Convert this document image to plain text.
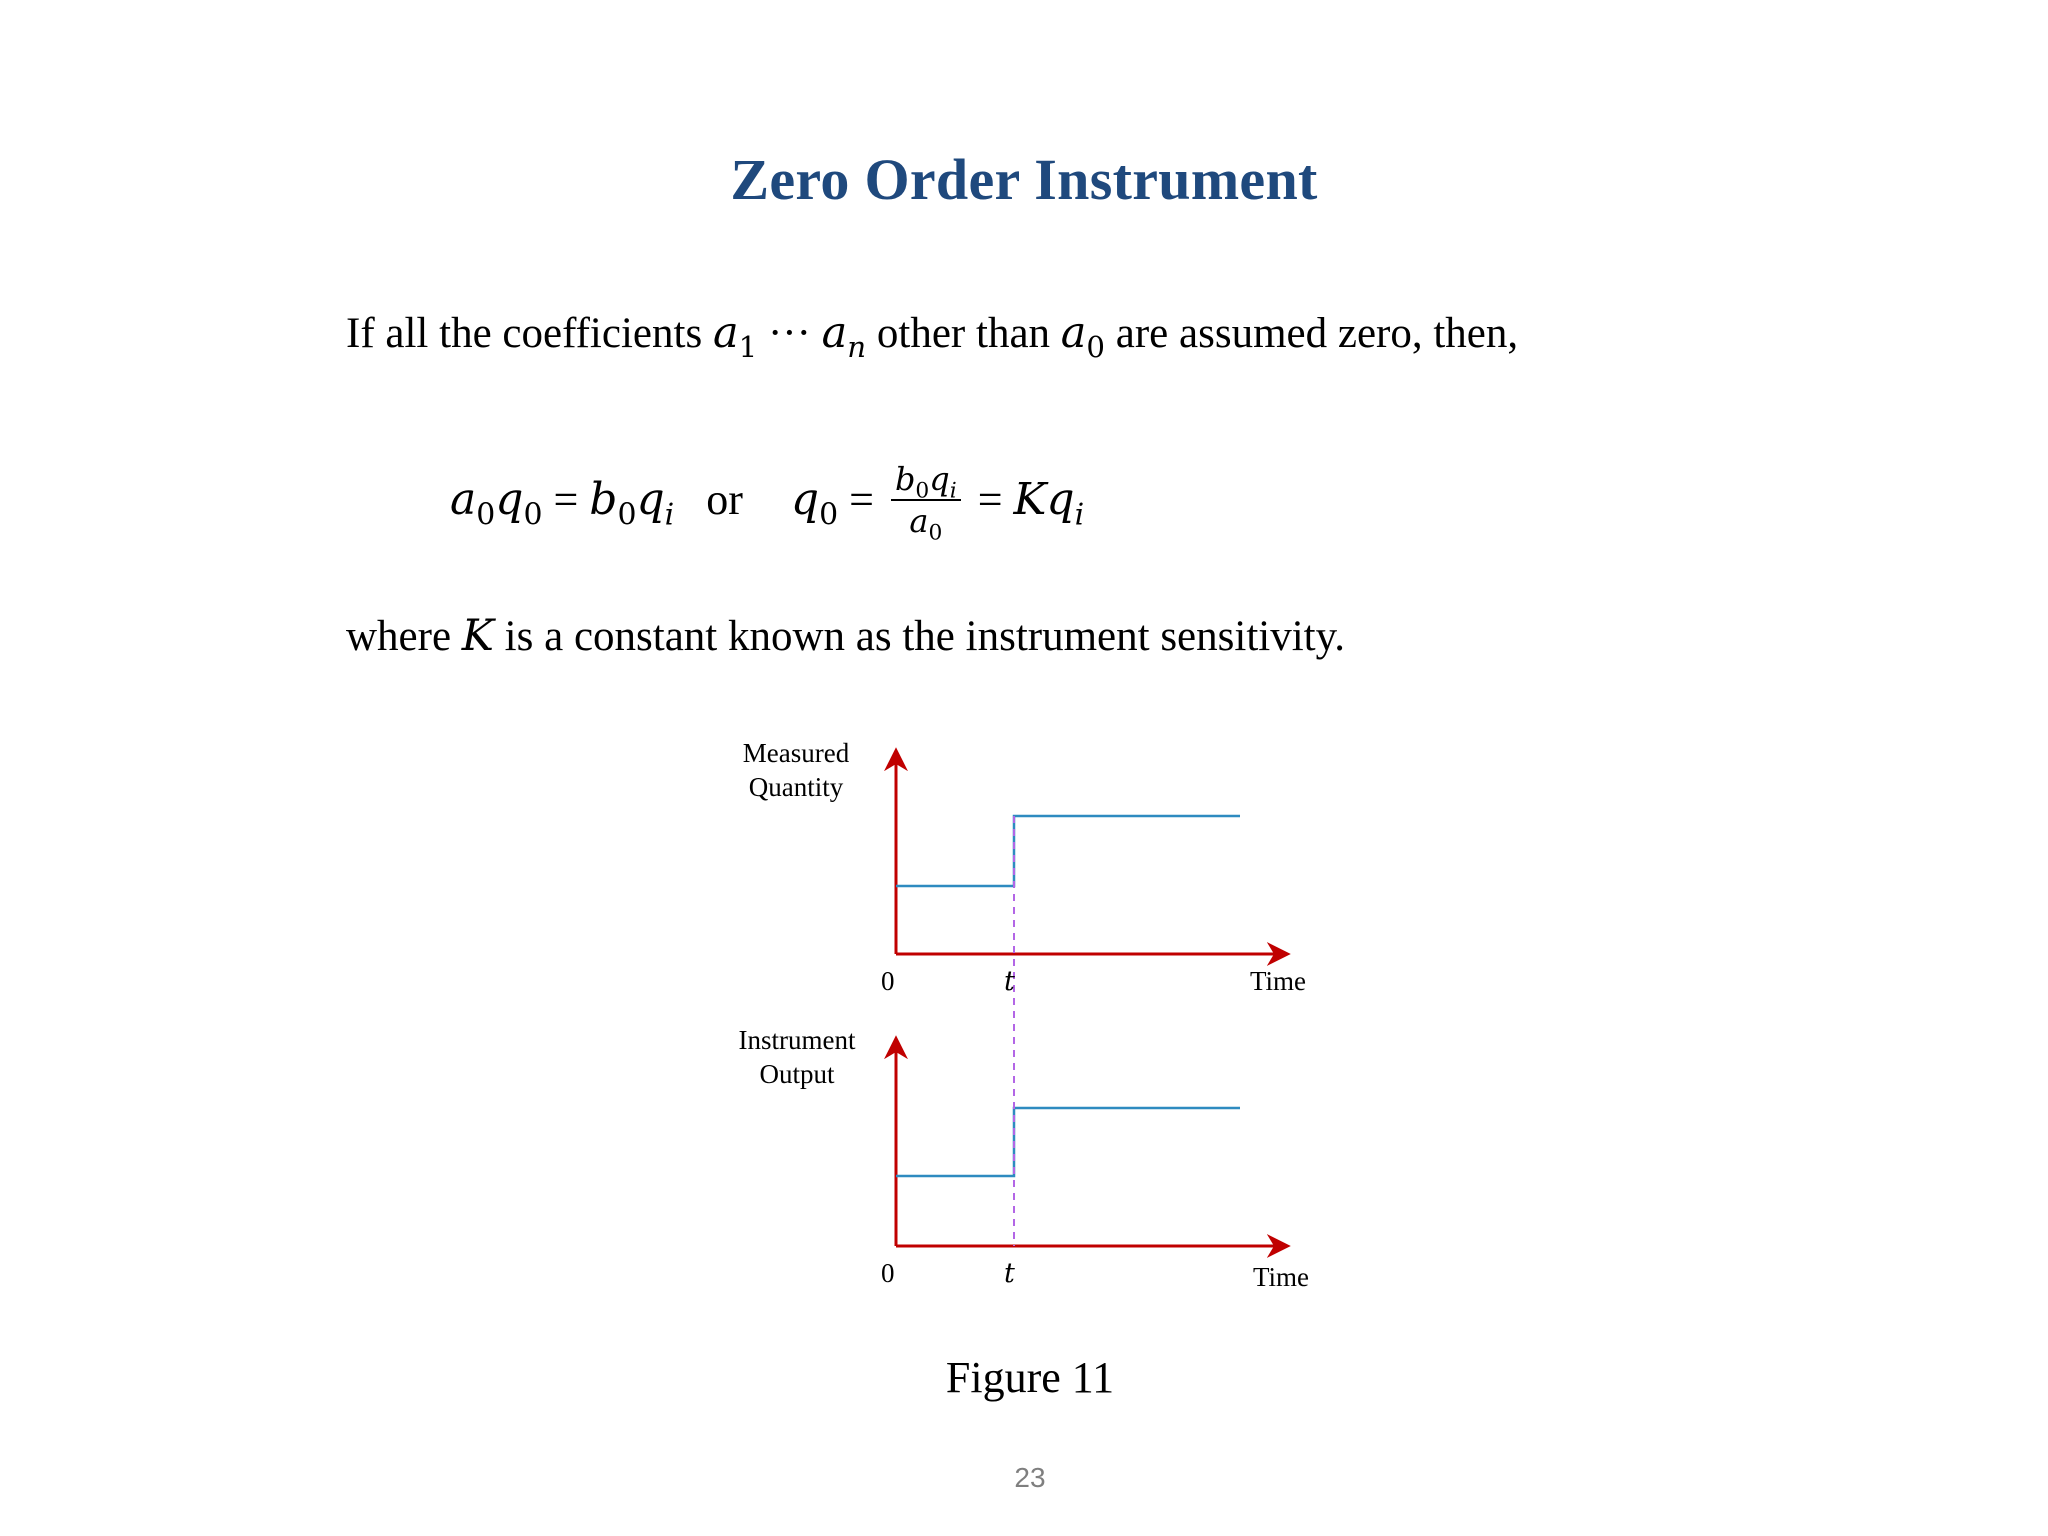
Zero Order Instrument
If all the coefficients $a_1$ ··· $a_n$ other than $a_0$ are assumed zero, then,
$a_0q_0 = b_0q_i$ or $q_0 = \frac{b_0q_i}{a_0} = Kq_i$
where K is a constant known as the instrument sensitivity.
Measured
Quantity
0	t	Time
Instrument
Output
0	t	Time
Figure 11
23
